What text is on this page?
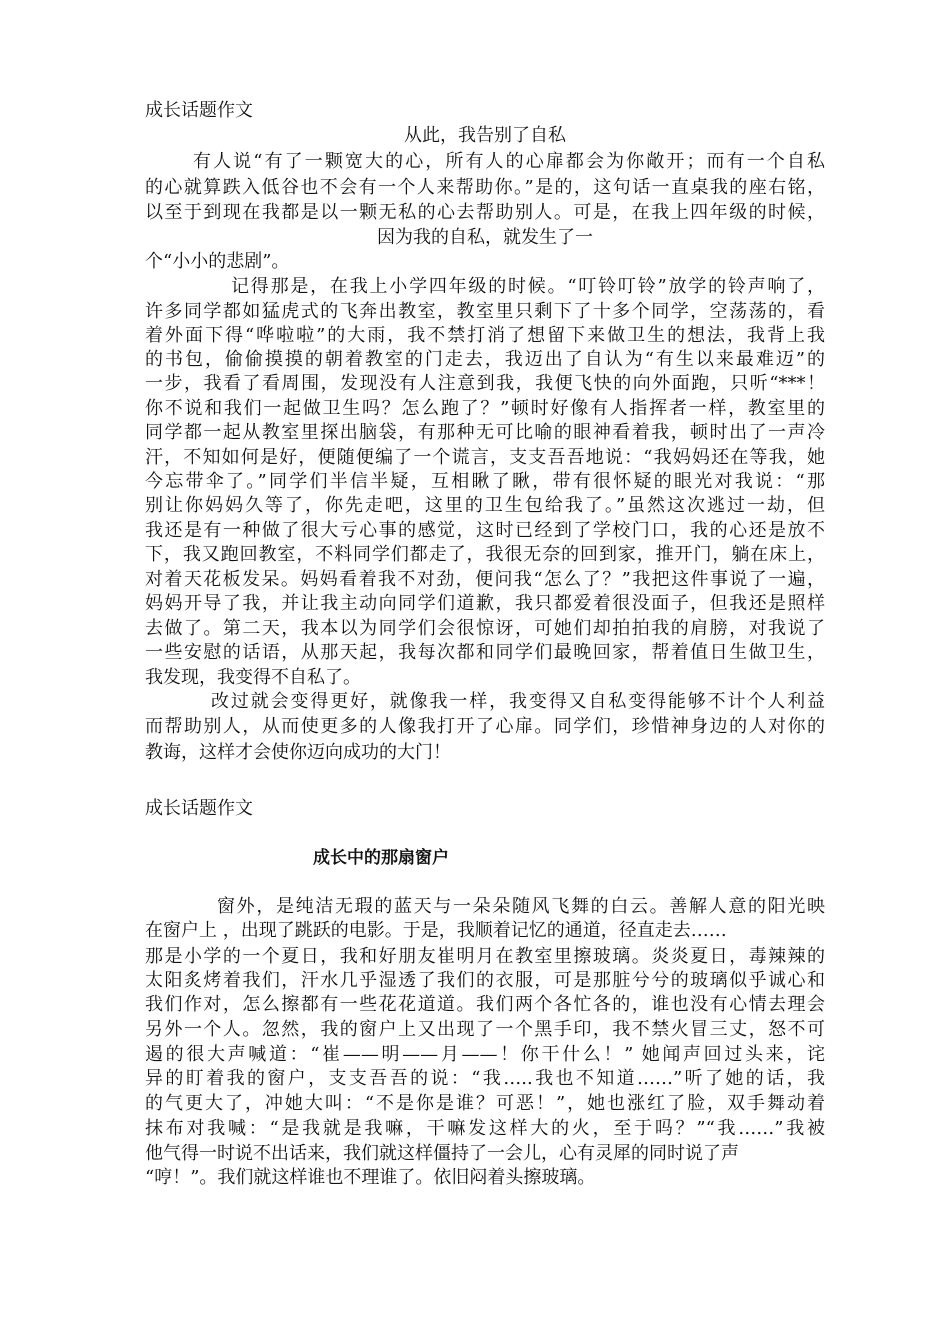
成长话题作文
从此，我告别了自私
有人说“有了一颗宽大的心，所有人的心扉都会为你敞开；而有一个自私
的心就算跌入低谷也不会有一个人来帮助你。”是的，这句话一直桌我的座右铭，
以至于到现在我都是以一颗无私的心去帮助别人。可是，在我上四年级的时候，
因为我的自私，就发生了一
个“小小的悲剧”。
记得那是，在我上小学四年级的时候。“叮铃叮铃”放学的铃声响了，
许多同学都如猛虎式的飞奔出教室，教室里只剩下了十多个同学，空荡荡的，看
着外面下得“哗啦啦”的大雨，我不禁打消了想留下来做卫生的想法，我背上我
的书包，偷偷摸摸的朝着教室的门走去，我迈出了自认为“有生以来最难迈”的
一步，我看了看周围，发现没有人注意到我，我便飞快的向外面跑，只听“***！
你不说和我们一起做卫生吗？怎么跑了？”顿时好像有人指挥者一样，教室里的
同学都一起从教室里探出脑袋，有那种无可比喻的眼神看着我，顿时出了一声冷
汗，不知如何是好，便随便编了一个谎言，支支吾吾地说：“我妈妈还在等我，她
今忘带伞了。”同学们半信半疑，互相瞅了瞅，带有很怀疑的眼光对我说：“那
别让你妈妈久等了，你先走吧，这里的卫生包给我了。”虽然这次逃过一劫，但
我还是有一种做了很大亏心事的感觉，这时已经到了学校门口，我的心还是放不
下，我又跑回教室，不料同学们都走了，我很无奈的回到家，推开门，躺在床上，
对着天花板发呆。妈妈看着我不对劲，便问我“怎么了？”我把这件事说了一遍，
妈妈开导了我，并让我主动向同学们道歉，我只都爱着很没面子，但我还是照样
去做了。第二天，我本以为同学们会很惊讶，可她们却拍拍我的肩膀，对我说了
一些安慰的话语，从那天起，我每次都和同学们最晚回家，帮着值日生做卫生，
我发现，我变得不自私了。
改过就会变得更好，就像我一样，我变得又自私变得能够不计个人利益
而帮助别人，从而使更多的人像我打开了心扉。同学们，珍惜神身边的人对你的
教诲，这样才会使你迈向成功的大门！
成长话题作文
成长中的那扇窗户
窗外，是纯洁无瑕的蓝天与一朵朵随风飞舞的白云。善解人意的阳光映
在窗户上 ，出现了跳跃的电影。于是，我顺着记忆的通道，径直走去……
那是小学的一个夏日，我和好朋友崔明月在教室里擦玻璃。炎炎夏日，毒辣辣的
太阳炙烤着我们，汗水几乎湿透了我们的衣服，可是那脏兮兮的玻璃似乎诚心和
我们作对，怎么擦都有一些花花道道。我们两个各忙各的，谁也没有心情去理会
另外一个人。忽然，我的窗户上又出现了一个黑手印，我不禁火冒三丈，怒不可
遏的很大声喊道：“崔——明——月——！你干什么！” 她闻声回过头来，诧
异的盯着我的窗户，支支吾吾的说：“我…..我也不知道……”听了她的话，我
的气更大了，冲她大叫：“不是你是谁？可恶！”，她也涨红了脸，双手舞动着
抹布对我喊：“是我就是我嘛，干嘛发这样大的火，至于吗？”“我……”我被
他气得一时说不出话来，我们就这样僵持了一会儿，心有灵犀的同时说了声
“哼！”。我们就这样谁也不理谁了。依旧闷着头擦玻璃。
